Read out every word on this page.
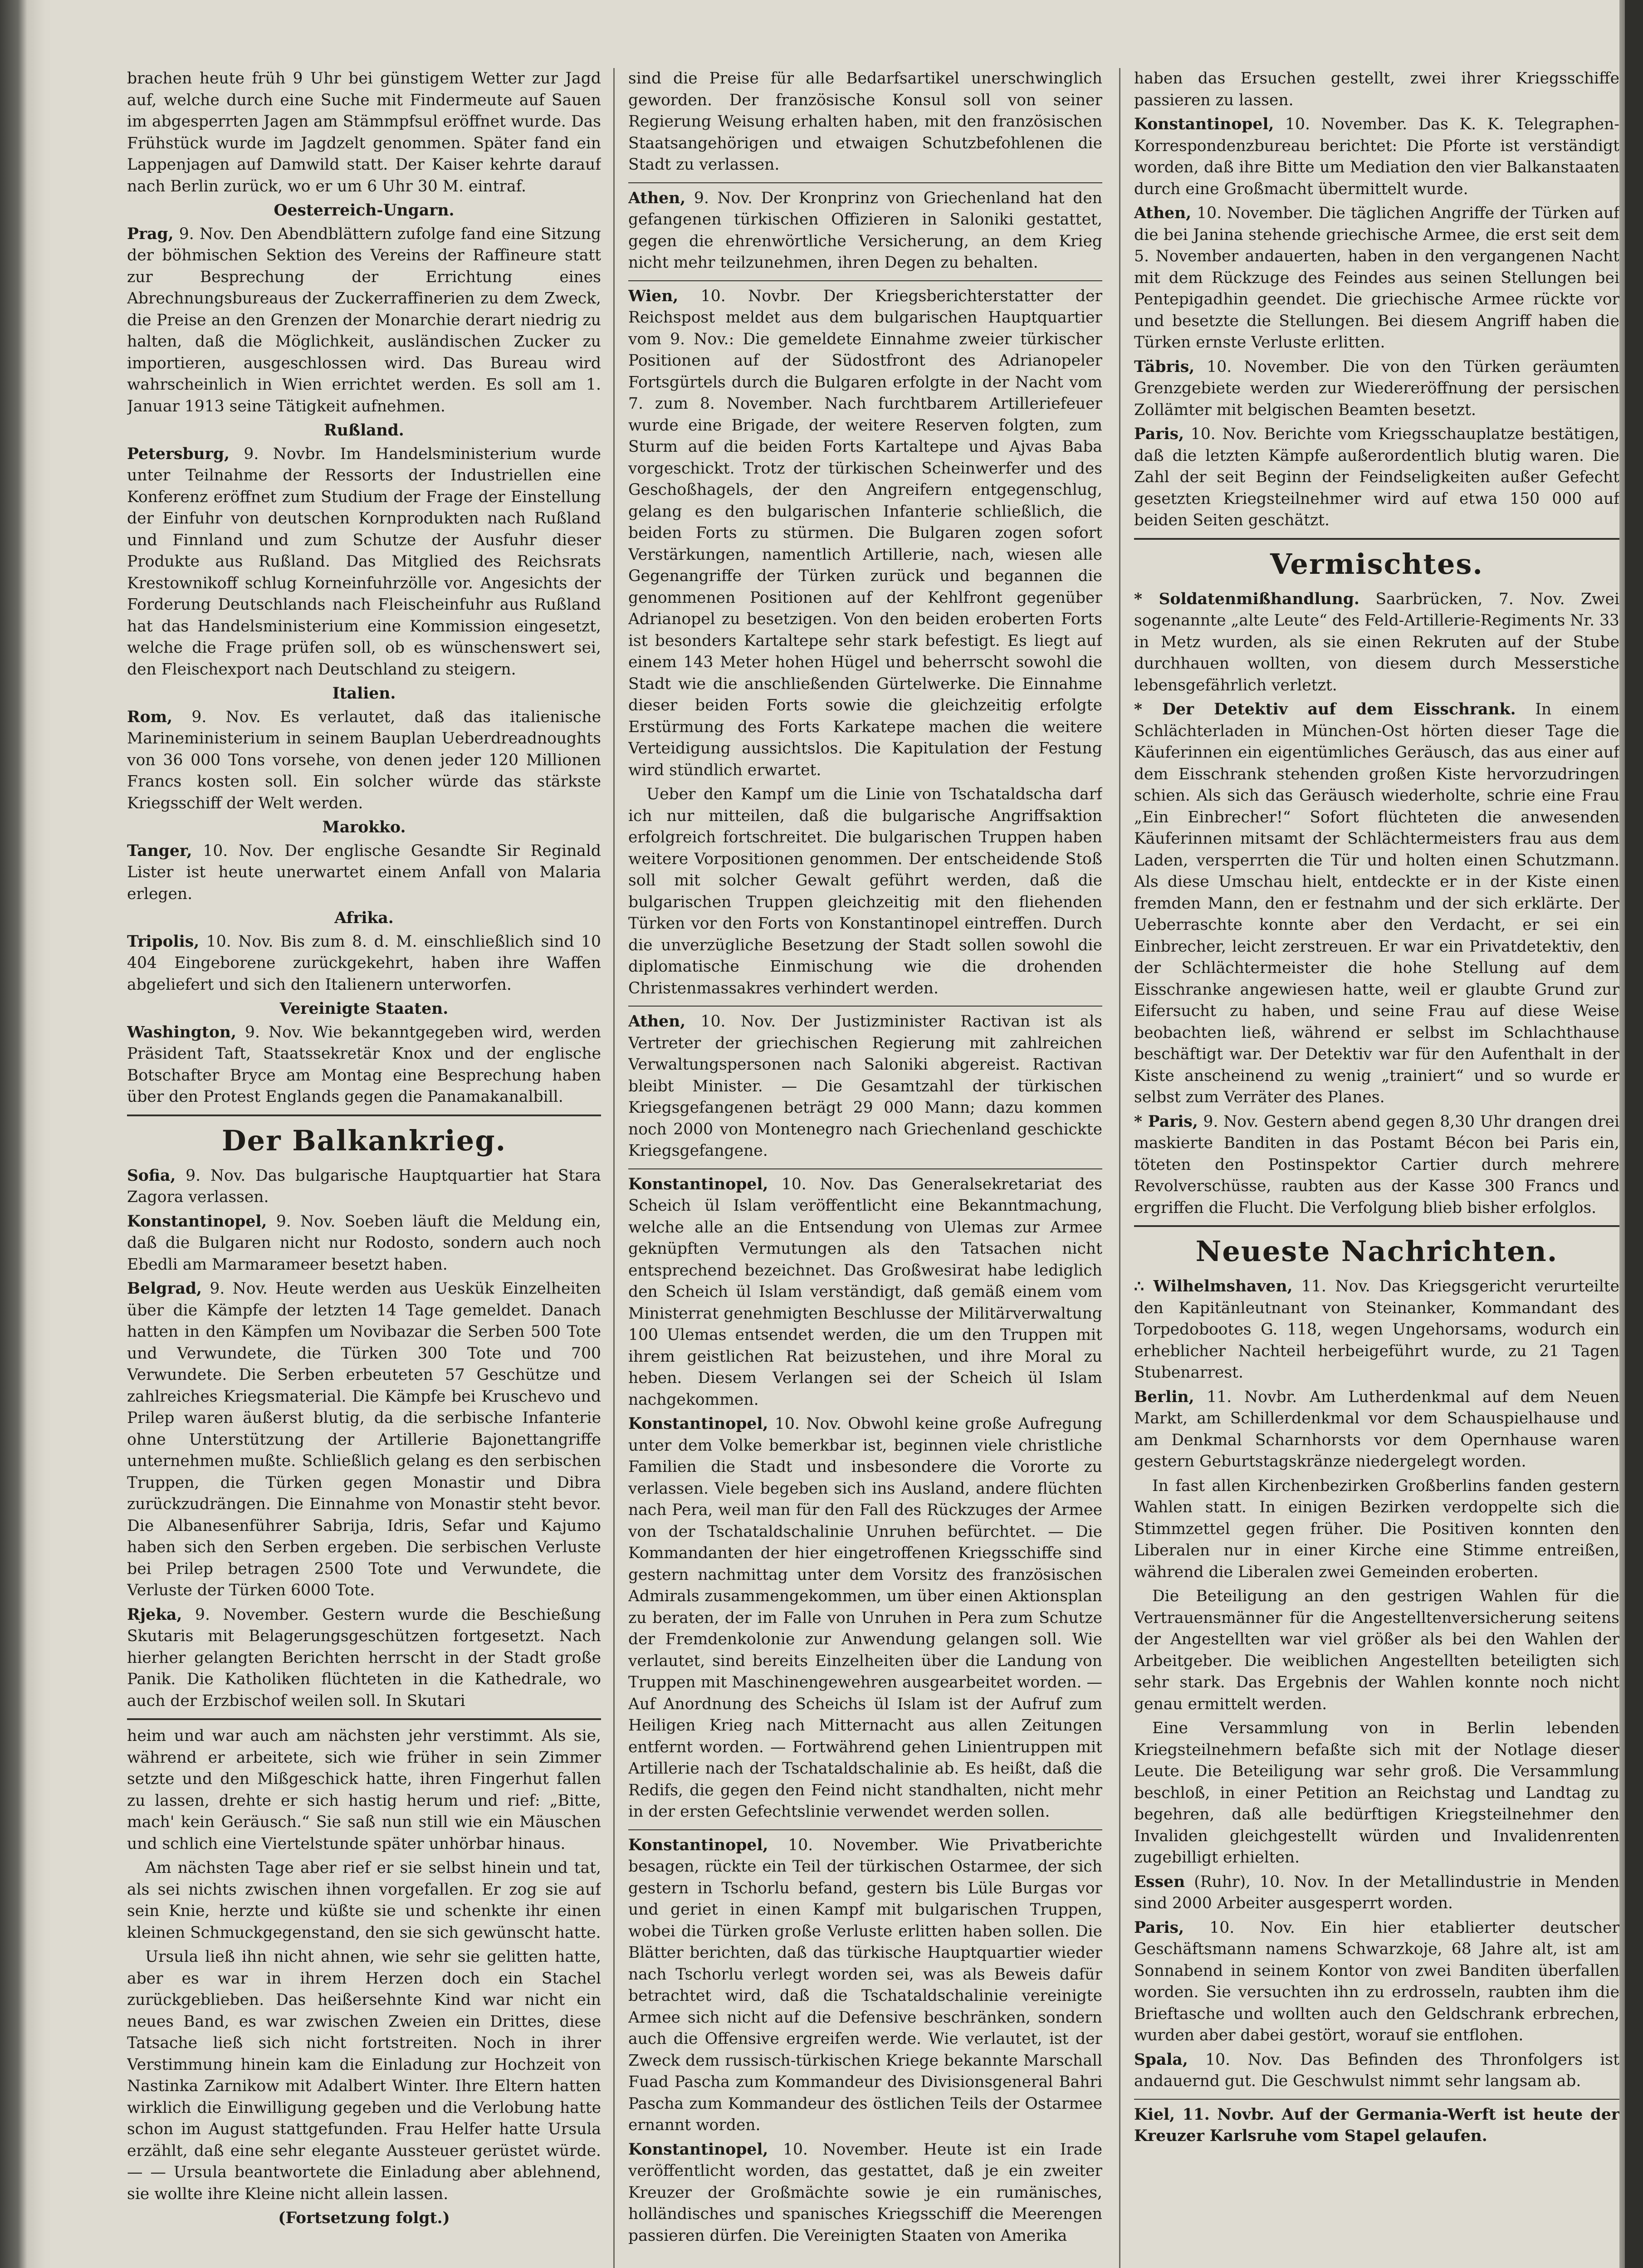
brachen heute früh 9 Uhr bei günstigem Wetter zur Jagd auf, welche durch eine Suche mit Findermeute auf Sauen im abgesperrten Jagen am Stämmpfsul eröffnet wurde. Das Frühstück wurde im Jagdzelt genommen. Später fand ein Lappenjagen auf Damwild statt. Der Kaiser kehrte darauf nach Berlin zurück, wo er um 6 Uhr 30 M. eintraf.

Oesterreich-Ungarn.

Prag, 9. Nov. Den Abendblättern zufolge fand eine Sitzung der böhmischen Sektion des Vereins der Raffineure statt zur Besprechung der Errichtung eines Abrechnungsbureaus der Zuckerraffinerien zu dem Zweck, die Preise an den Grenzen der Monarchie derart niedrig zu halten, daß die Möglichkeit, ausländischen Zucker zu importieren, ausgeschlossen wird. Das Bureau wird wahrscheinlich in Wien errichtet werden. Es soll am 1. Januar 1913 seine Tätigkeit aufnehmen.

Rußland.

Petersburg, 9. Novbr. Im Handelsministerium wurde unter Teilnahme der Ressorts der Industriellen eine Konferenz eröffnet zum Studium der Frage der Einstellung der Einfuhr von deutschen Kornprodukten nach Rußland und Finnland und zum Schutze der Ausfuhr dieser Produkte aus Rußland. Das Mitglied des Reichsrats Krestownikoff schlug Korneinfuhrzölle vor. Angesichts der Forderung Deutschlands nach Fleischeinfuhr aus Rußland hat das Handelsministerium eine Kommission eingesetzt, welche die Frage prüfen soll, ob es wünschenswert sei, den Fleischexport nach Deutschland zu steigern.

Italien.

Rom, 9. Nov. Es verlautet, daß das italienische Marineministerium in seinem Bauplan Ueberdreadnoughts von 36 000 Tons vorsehe, von denen jeder 120 Millionen Francs kosten soll. Ein solcher würde das stärkste Kriegsschiff der Welt werden.

Marokko.

Tanger, 10. Nov. Der englische Gesandte Sir Reginald Lister ist heute unerwartet einem Anfall von Malaria erlegen.

Afrika.

Tripolis, 10. Nov. Bis zum 8. d. M. einschließlich sind 10 404 Eingeborene zurückgekehrt, haben ihre Waffen abgeliefert und sich den Italienern unterworfen.

Vereinigte Staaten.

Washington, 9. Nov. Wie bekanntgegeben wird, werden Präsident Taft, Staatssekretär Knox und der englische Botschafter Bryce am Montag eine Besprechung haben über den Protest Englands gegen die Panamakanalbill.

Der Balkankrieg.

Sofia, 9. Nov. Das bulgarische Hauptquartier hat Stara Zagora verlassen.

Konstantinopel, 9. Nov. Soeben läuft die Meldung ein, daß die Bulgaren nicht nur Rodosto, sondern auch noch Ebedli am Marmarameer besetzt haben.

Belgrad, 9. Nov. Heute werden aus Ueskük Einzelheiten über die Kämpfe der letzten 14 Tage gemeldet. Danach hatten in den Kämpfen um Novibazar die Serben 500 Tote und Verwundete, die Türken 300 Tote und 700 Verwundete. Die Serben erbeuteten 57 Geschütze und zahlreiches Kriegsmaterial. Die Kämpfe bei Kruschevo und Prilep waren äußerst blutig, da die serbische Infanterie ohne Unterstützung der Artillerie Bajonettangriffe unternehmen mußte. Schließlich gelang es den serbischen Truppen, die Türken gegen Monastir und Dibra zurückzudrängen. Die Einnahme von Monastir steht bevor. Die Albanesenführer Sabrija, Idris, Sefar und Kajumo haben sich den Serben ergeben. Die serbischen Verluste bei Prilep betragen 2500 Tote und Verwundete, die Verluste der Türken 6000 Tote.

Rjeka, 9. November. Gestern wurde die Beschießung Skutaris mit Belagerungsgeschützen fortgesetzt. Nach hierher gelangten Berichten herrscht in der Stadt große Panik. Die Katholiken flüchteten in die Kathedrale, wo auch der Erzbischof weilen soll. In Skutari

heim und war auch am nächsten jehr verstimmt. Als sie, während er arbeitete, sich wie früher in sein Zimmer setzte und den Mißgeschick hatte, ihren Fingerhut fallen zu lassen, drehte er sich hastig herum und rief: „Bitte, mach' kein Geräusch.“ Sie saß nun still wie ein Mäuschen und schlich eine Viertelstunde später unhörbar hinaus.

Am nächsten Tage aber rief er sie selbst hinein und tat, als sei nichts zwischen ihnen vorgefallen. Er zog sie auf sein Knie, herzte und küßte sie und schenkte ihr einen kleinen Schmuckgegenstand, den sie sich gewünscht hatte.

Ursula ließ ihn nicht ahnen, wie sehr sie gelitten hatte, aber es war in ihrem Herzen doch ein Stachel zurückgeblieben. Das heißersehnte Kind war nicht ein neues Band, es war zwischen Zweien ein Drittes, diese Tatsache ließ sich nicht fortstreiten. Noch in ihrer Verstimmung hinein kam die Einladung zur Hochzeit von Nastinka Zarnikow mit Adalbert Winter. Ihre Eltern hatten wirklich die Einwilligung gegeben und die Verlobung hatte schon im August stattgefunden. Frau Helfer hatte Ursula erzählt, daß eine sehr elegante Aussteuer gerüstet würde. — — Ursula beantwortete die Einladung aber ablehnend, sie wollte ihre Kleine nicht allein lassen.

(Fortsetzung folgt.)

sind die Preise für alle Bedarfsartikel unerschwinglich geworden. Der französische Konsul soll von seiner Regierung Weisung erhalten haben, mit den französischen Staatsangehörigen und etwaigen Schutzbefohlenen die Stadt zu verlassen.

Athen, 9. Nov. Der Kronprinz von Griechenland hat den gefangenen türkischen Offizieren in Saloniki gestattet, gegen die ehrenwörtliche Versicherung, an dem Krieg nicht mehr teilzunehmen, ihren Degen zu behalten.

Wien, 10. Novbr. Der Kriegsberichterstatter der Reichspost meldet aus dem bulgarischen Hauptquartier vom 9. Nov.: Die gemeldete Einnahme zweier türkischer Positionen auf der Südostfront des Adrianopeler Fortsgürtels durch die Bulgaren erfolgte in der Nacht vom 7. zum 8. November. Nach furchtbarem Artilleriefeuer wurde eine Brigade, der weitere Reserven folgten, zum Sturm auf die beiden Forts Kartaltepe und Ajvas Baba vorgeschickt. Trotz der türkischen Scheinwerfer und des Geschoßhagels, der den Angreifern entgegenschlug, gelang es den bulgarischen Infanterie schließlich, die beiden Forts zu stürmen. Die Bulgaren zogen sofort Verstärkungen, namentlich Artillerie, nach, wiesen alle Gegenangriffe der Türken zurück und begannen die genommenen Positionen auf der Kehlfront gegenüber Adrianopel zu besetzigen. Von den beiden eroberten Forts ist besonders Kartaltepe sehr stark befestigt. Es liegt auf einem 143 Meter hohen Hügel und beherrscht sowohl die Stadt wie die anschließenden Gürtelwerke. Die Einnahme dieser beiden Forts sowie die gleichzeitig erfolgte Erstürmung des Forts Karkatepe machen die weitere Verteidigung aussichtslos. Die Kapitulation der Festung wird stündlich erwartet.

Ueber den Kampf um die Linie von Tschataldscha darf ich nur mitteilen, daß die bulgarische Angriffsaktion erfolgreich fortschreitet. Die bulgarischen Truppen haben weitere Vorpositionen genommen. Der entscheidende Stoß soll mit solcher Gewalt geführt werden, daß die bulgarischen Truppen gleichzeitig mit den fliehenden Türken vor den Forts von Konstantinopel eintreffen. Durch die unverzügliche Besetzung der Stadt sollen sowohl die diplomatische Einmischung wie die drohenden Christenmassakres verhindert werden.

Athen, 10. Nov. Der Justizminister Ractivan ist als Vertreter der griechischen Regierung mit zahlreichen Verwaltungspersonen nach Saloniki abgereist. Ractivan bleibt Minister. — Die Gesamtzahl der türkischen Kriegsgefangenen beträgt 29 000 Mann; dazu kommen noch 2000 von Montenegro nach Griechenland geschickte Kriegsgefangene.

Konstantinopel, 10. Nov. Das Generalsekretariat des Scheich ül Islam veröffentlicht eine Bekanntmachung, welche alle an die Entsendung von Ulemas zur Armee geknüpften Vermutungen als den Tatsachen nicht entsprechend bezeichnet. Das Großwesirat habe lediglich den Scheich ül Islam verständigt, daß gemäß einem vom Ministerrat genehmigten Beschlusse der Militärverwaltung 100 Ulemas entsendet werden, die um den Truppen mit ihrem geistlichen Rat beizustehen, und ihre Moral zu heben. Diesem Verlangen sei der Scheich ül Islam nachgekommen.

Konstantinopel, 10. Nov. Obwohl keine große Aufregung unter dem Volke bemerkbar ist, beginnen viele christliche Familien die Stadt und insbesondere die Vororte zu verlassen. Viele begeben sich ins Ausland, andere flüchten nach Pera, weil man für den Fall des Rückzuges der Armee von der Tschataldschalinie Unruhen befürchtet. — Die Kommandanten der hier eingetroffenen Kriegsschiffe sind gestern nachmittag unter dem Vorsitz des französischen Admirals zusammengekommen, um über einen Aktionsplan zu beraten, der im Falle von Unruhen in Pera zum Schutze der Fremdenkolonie zur Anwendung gelangen soll. Wie verlautet, sind bereits Einzelheiten über die Landung von Truppen mit Maschinengewehren ausgearbeitet worden. — Auf Anordnung des Scheichs ül Islam ist der Aufruf zum Heiligen Krieg nach Mitternacht aus allen Zeitungen entfernt worden. — Fortwährend gehen Linientruppen mit Artillerie nach der Tschataldschalinie ab. Es heißt, daß die Redifs, die gegen den Feind nicht standhalten, nicht mehr in der ersten Gefechtslinie verwendet werden sollen.

Konstantinopel, 10. November. Wie Privatberichte besagen, rückte ein Teil der türkischen Ostarmee, der sich gestern in Tschorlu befand, gestern bis Lüle Burgas vor und geriet in einen Kampf mit bulgarischen Truppen, wobei die Türken große Verluste erlitten haben sollen. Die Blätter berichten, daß das türkische Hauptquartier wieder nach Tschorlu verlegt worden sei, was als Beweis dafür betrachtet wird, daß die Tschataldschalinie vereinigte Armee sich nicht auf die Defensive beschränken, sondern auch die Offensive ergreifen werde. Wie verlautet, ist der Zweck dem russisch-türkischen Kriege bekannte Marschall Fuad Pascha zum Kommandeur des Divisionsgeneral Bahri Pascha zum Kommandeur des östlichen Teils der Ostarmee ernannt worden.

Konstantinopel, 10. November. Heute ist ein Irade veröffentlicht worden, das gestattet, daß je ein zweiter Kreuzer der Großmächte sowie je ein rumänisches, holländisches und spanisches Kriegsschiff die Meerengen passieren dürfen. Die Vereinigten Staaten von Amerika

haben das Ersuchen gestellt, zwei ihrer Kriegsschiffe passieren zu lassen.

Konstantinopel, 10. November. Das K. K. Telegraphen-Korrespondenzbureau berichtet: Die Pforte ist verständigt worden, daß ihre Bitte um Mediation den vier Balkanstaaten durch eine Großmacht übermittelt wurde.

Athen, 10. November. Die täglichen Angriffe der Türken auf die bei Janina stehende griechische Armee, die erst seit dem 5. November andauerten, haben in den vergangenen Nacht mit dem Rückzuge des Feindes aus seinen Stellungen bei Pentepigadhin geendet. Die griechische Armee rückte vor und besetzte die Stellungen. Bei diesem Angriff haben die Türken ernste Verluste erlitten.

Täbris, 10. November. Die von den Türken geräumten Grenzgebiete werden zur Wiedereröffnung der persischen Zollämter mit belgischen Beamten besetzt.

Paris, 10. Nov. Berichte vom Kriegsschauplatze bestätigen, daß die letzten Kämpfe außerordentlich blutig waren. Die Zahl der seit Beginn der Feindseligkeiten außer Gefecht gesetzten Kriegsteilnehmer wird auf etwa 150 000 auf beiden Seiten geschätzt.

Vermischtes.

* Soldatenmißhandlung. Saarbrücken, 7. Nov. Zwei sogenannte „alte Leute“ des Feld-Artillerie-Regiments Nr. 33 in Metz wurden, als sie einen Rekruten auf der Stube durchhauen wollten, von diesem durch Messerstiche lebensgefährlich verletzt.

* Der Detektiv auf dem Eisschrank. In einem Schlächterladen in München-Ost hörten dieser Tage die Käuferinnen ein eigentümliches Geräusch, das aus einer auf dem Eisschrank stehenden großen Kiste hervorzudringen schien. Als sich das Geräusch wiederholte, schrie eine Frau „Ein Einbrecher!“ Sofort flüchteten die anwesenden Käuferinnen mitsamt der Schlächtermeisters frau aus dem Laden, versperrten die Tür und holten einen Schutzmann. Als diese Umschau hielt, entdeckte er in der Kiste einen fremden Mann, den er festnahm und der sich erklärte. Der Ueberraschte konnte aber den Verdacht, er sei ein Einbrecher, leicht zerstreuen. Er war ein Privatdetektiv, den der Schlächtermeister die hohe Stellung auf dem Eisschranke angewiesen hatte, weil er glaubte Grund zur Eifersucht zu haben, und seine Frau auf diese Weise beobachten ließ, während er selbst im Schlachthause beschäftigt war. Der Detektiv war für den Aufenthalt in der Kiste anscheinend zu wenig „trainiert“ und so wurde er selbst zum Verräter des Planes.

* Paris, 9. Nov. Gestern abend gegen 8,30 Uhr drangen drei maskierte Banditen in das Postamt Bécon bei Paris ein, töteten den Postinspektor Cartier durch mehrere Revolverschüsse, raubten aus der Kasse 300 Francs und ergriffen die Flucht. Die Verfolgung blieb bisher erfolglos.

Neueste Nachrichten.

∴ Wilhelmshaven, 11. Nov. Das Kriegsgericht verurteilte den Kapitänleutnant von Steinanker, Kommandant des Torpedobootes G. 118, wegen Ungehorsams, wodurch ein erheblicher Nachteil herbeigeführt wurde, zu 21 Tagen Stubenarrest.

Berlin, 11. Novbr. Am Lutherdenkmal auf dem Neuen Markt, am Schillerdenkmal vor dem Schauspielhause und am Denkmal Scharnhorsts vor dem Opernhause waren gestern Geburtstagskränze niedergelegt worden.

In fast allen Kirchenbezirken Großberlins fanden gestern Wahlen statt. In einigen Bezirken verdoppelte sich die Stimmzettel gegen früher. Die Positiven konnten den Liberalen nur in einer Kirche eine Stimme entreißen, während die Liberalen zwei Gemeinden eroberten.

Die Beteiligung an den gestrigen Wahlen für die Vertrauensmänner für die Angestelltenversicherung seitens der Angestellten war viel größer als bei den Wahlen der Arbeitgeber. Die weiblichen Angestellten beteiligten sich sehr stark. Das Ergebnis der Wahlen konnte noch nicht genau ermittelt werden.

Eine Versammlung von in Berlin lebenden Kriegsteilnehmern befaßte sich mit der Notlage dieser Leute. Die Beteiligung war sehr groß. Die Versammlung beschloß, in einer Petition an Reichstag und Landtag zu begehren, daß alle bedürftigen Kriegsteilnehmer den Invaliden gleichgestellt würden und Invalidenrenten zugebilligt erhielten.

Essen (Ruhr), 10. Nov. In der Metallindustrie in Menden sind 2000 Arbeiter ausgesperrt worden.

Paris, 10. Nov. Ein hier etablierter deutscher Geschäftsmann namens Schwarzkoje, 68 Jahre alt, ist am Sonnabend in seinem Kontor von zwei Banditen überfallen worden. Sie versuchten ihn zu erdrosseln, raubten ihm die Brieftasche und wollten auch den Geldschrank erbrechen, wurden aber dabei gestört, worauf sie entflohen.

Spala, 10. Nov. Das Befinden des Thronfolgers ist andauernd gut. Die Geschwulst nimmt sehr langsam ab.

Kiel, 11. Novbr. Auf der Germania-Werft ist heute der Kreuzer Karlsruhe vom Stapel gelaufen.
